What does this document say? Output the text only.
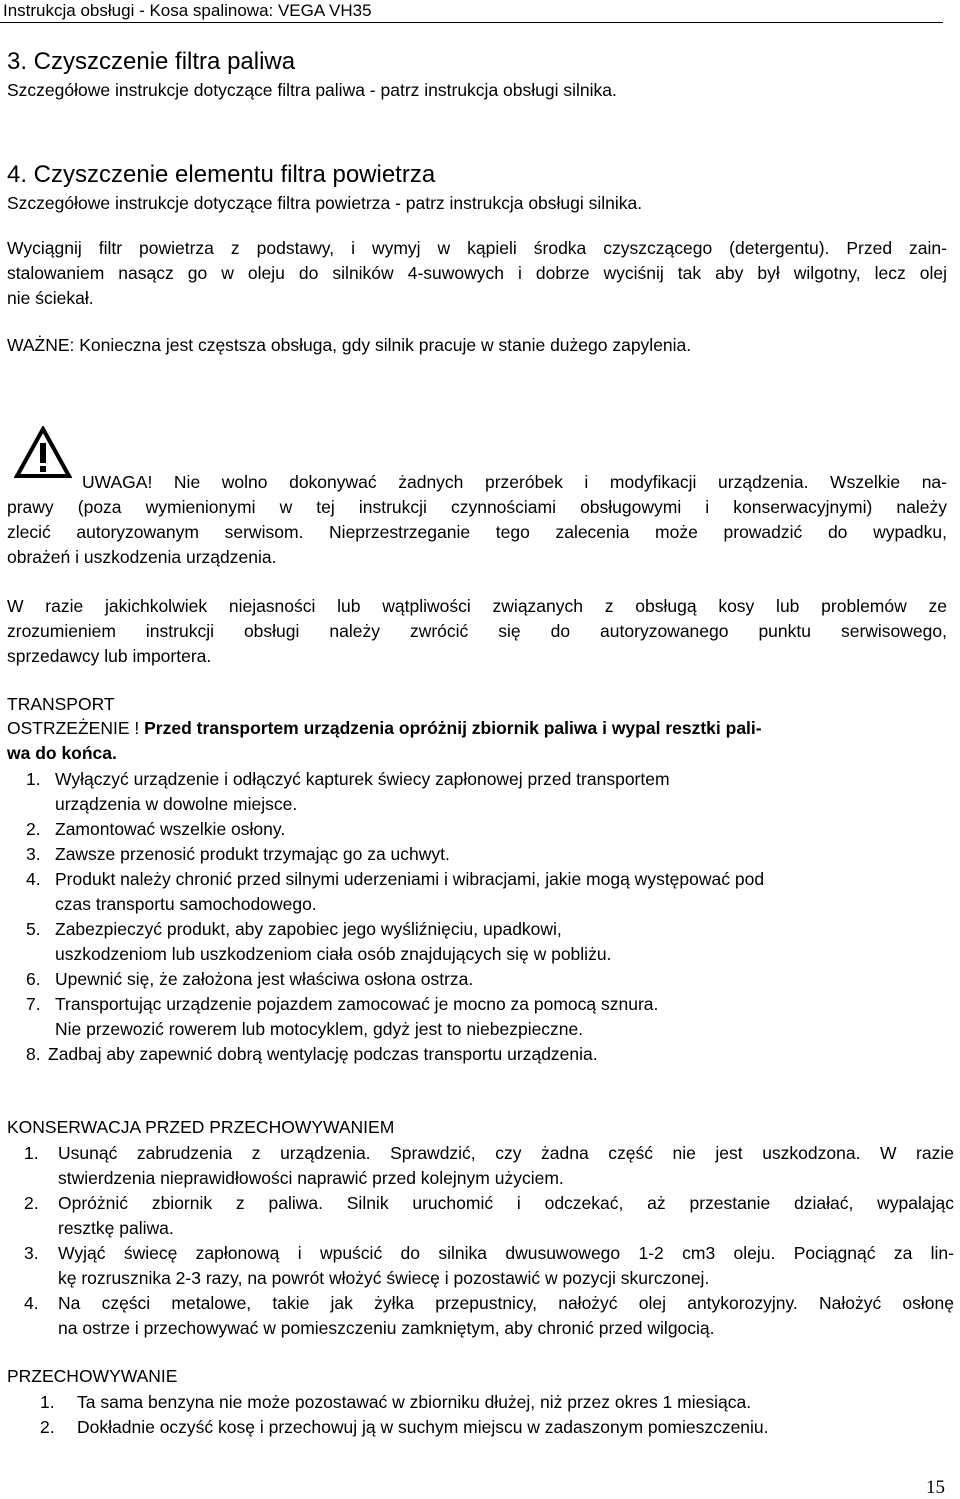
Instrukcja obsługi - Kosa spalinowa: VEGA VH35
3. Czyszczenie filtra paliwa
Szczegółowe instrukcje dotyczące filtra paliwa - patrz instrukcja obsługi silnika.
4. Czyszczenie elementu filtra powietrza
Szczegółowe instrukcje dotyczące filtra powietrza - patrz instrukcja obsługi silnika.
Wyciągnij filtr powietrza z podstawy, i wymyj w kąpieli środka czyszczącego (detergentu). Przed zain-
stalowaniem nasącz go w oleju do silników 4-suwowych i dobrze wyciśnij tak aby był wilgotny, lecz olej
nie ściekał.
WAŻNE: Konieczna jest częstsza obsługa, gdy silnik pracuje w stanie dużego zapylenia.
UWAGA! Nie wolno dokonywać żadnych przeróbek i modyfikacji urządzenia. Wszelkie na-
prawy (poza wymienionymi w tej instrukcji czynnościami obsługowymi i konserwacyjnymi) należy
zlecić autoryzowanym serwisom. Nieprzestrzeganie tego zalecenia może prowadzić do wypadku,
obrażeń i uszkodzenia urządzenia.
W razie jakichkolwiek niejasności lub wątpliwości związanych z obsługą kosy lub problemów ze
zrozumieniem instrukcji obsługi należy zwrócić się do autoryzowanego punktu serwisowego,
sprzedawcy lub importera.
TRANSPORT
OSTRZEŻENIE ! Przed transportem urządzenia opróżnij zbiornik paliwa i wypal resztki pali-
wa do końca.
1. Wyłączyć urządzenie i odłączyć kapturek świecy zapłonowej przed transportem
urządzenia w dowolne miejsce.
2. Zamontować wszelkie osłony.
3. Zawsze przenosić produkt trzymając go za uchwyt.
4. Produkt należy chronić przed silnymi uderzeniami i wibracjami, jakie mogą występować pod
czas transportu samochodowego.
5. Zabezpieczyć produkt, aby zapobiec jego wyśliźnięciu, upadkowi,
uszkodzeniom lub uszkodzeniom ciała osób znajdujących się w pobliżu.
6. Upewnić się, że założona jest właściwa osłona ostrza.
7. Transportując urządzenie pojazdem zamocować je mocno za pomocą sznura.
Nie przewozić rowerem lub motocyklem, gdyż jest to niebezpieczne.
8. Zadbaj aby zapewnić dobrą wentylację podczas transportu urządzenia.
KONSERWACJA PRZED PRZECHOWYWANIEM
1. Usunąć zabrudzenia z urządzenia. Sprawdzić, czy żadna część nie jest uszkodzona. W razie
stwierdzenia nieprawidłowości naprawić przed kolejnym użyciem.
2. Opróżnić zbiornik z paliwa. Silnik uruchomić i odczekać, aż przestanie działać, wypalając
resztkę paliwa.
3. Wyjąć świecę zapłonową i wpuścić do silnika dwusuwowego 1-2 cm3 oleju. Pociągnąć za lin-
kę rozrusznika 2-3 razy, na powrót włożyć świecę i pozostawić w pozycji skurczonej.
4. Na części metalowe, takie jak żyłka przepustnicy, nałożyć olej antykorozyjny. Nałożyć osłonę
na ostrze i przechowywać w pomieszczeniu zamkniętym, aby chronić przed wilgocią.
PRZECHOWYWANIE
1. Ta sama benzyna nie może pozostawać w zbiorniku dłużej, niż przez okres 1 miesiąca.
2. Dokładnie oczyść kosę i przechowuj ją w suchym miejscu w zadaszonym pomieszczeniu.
15
